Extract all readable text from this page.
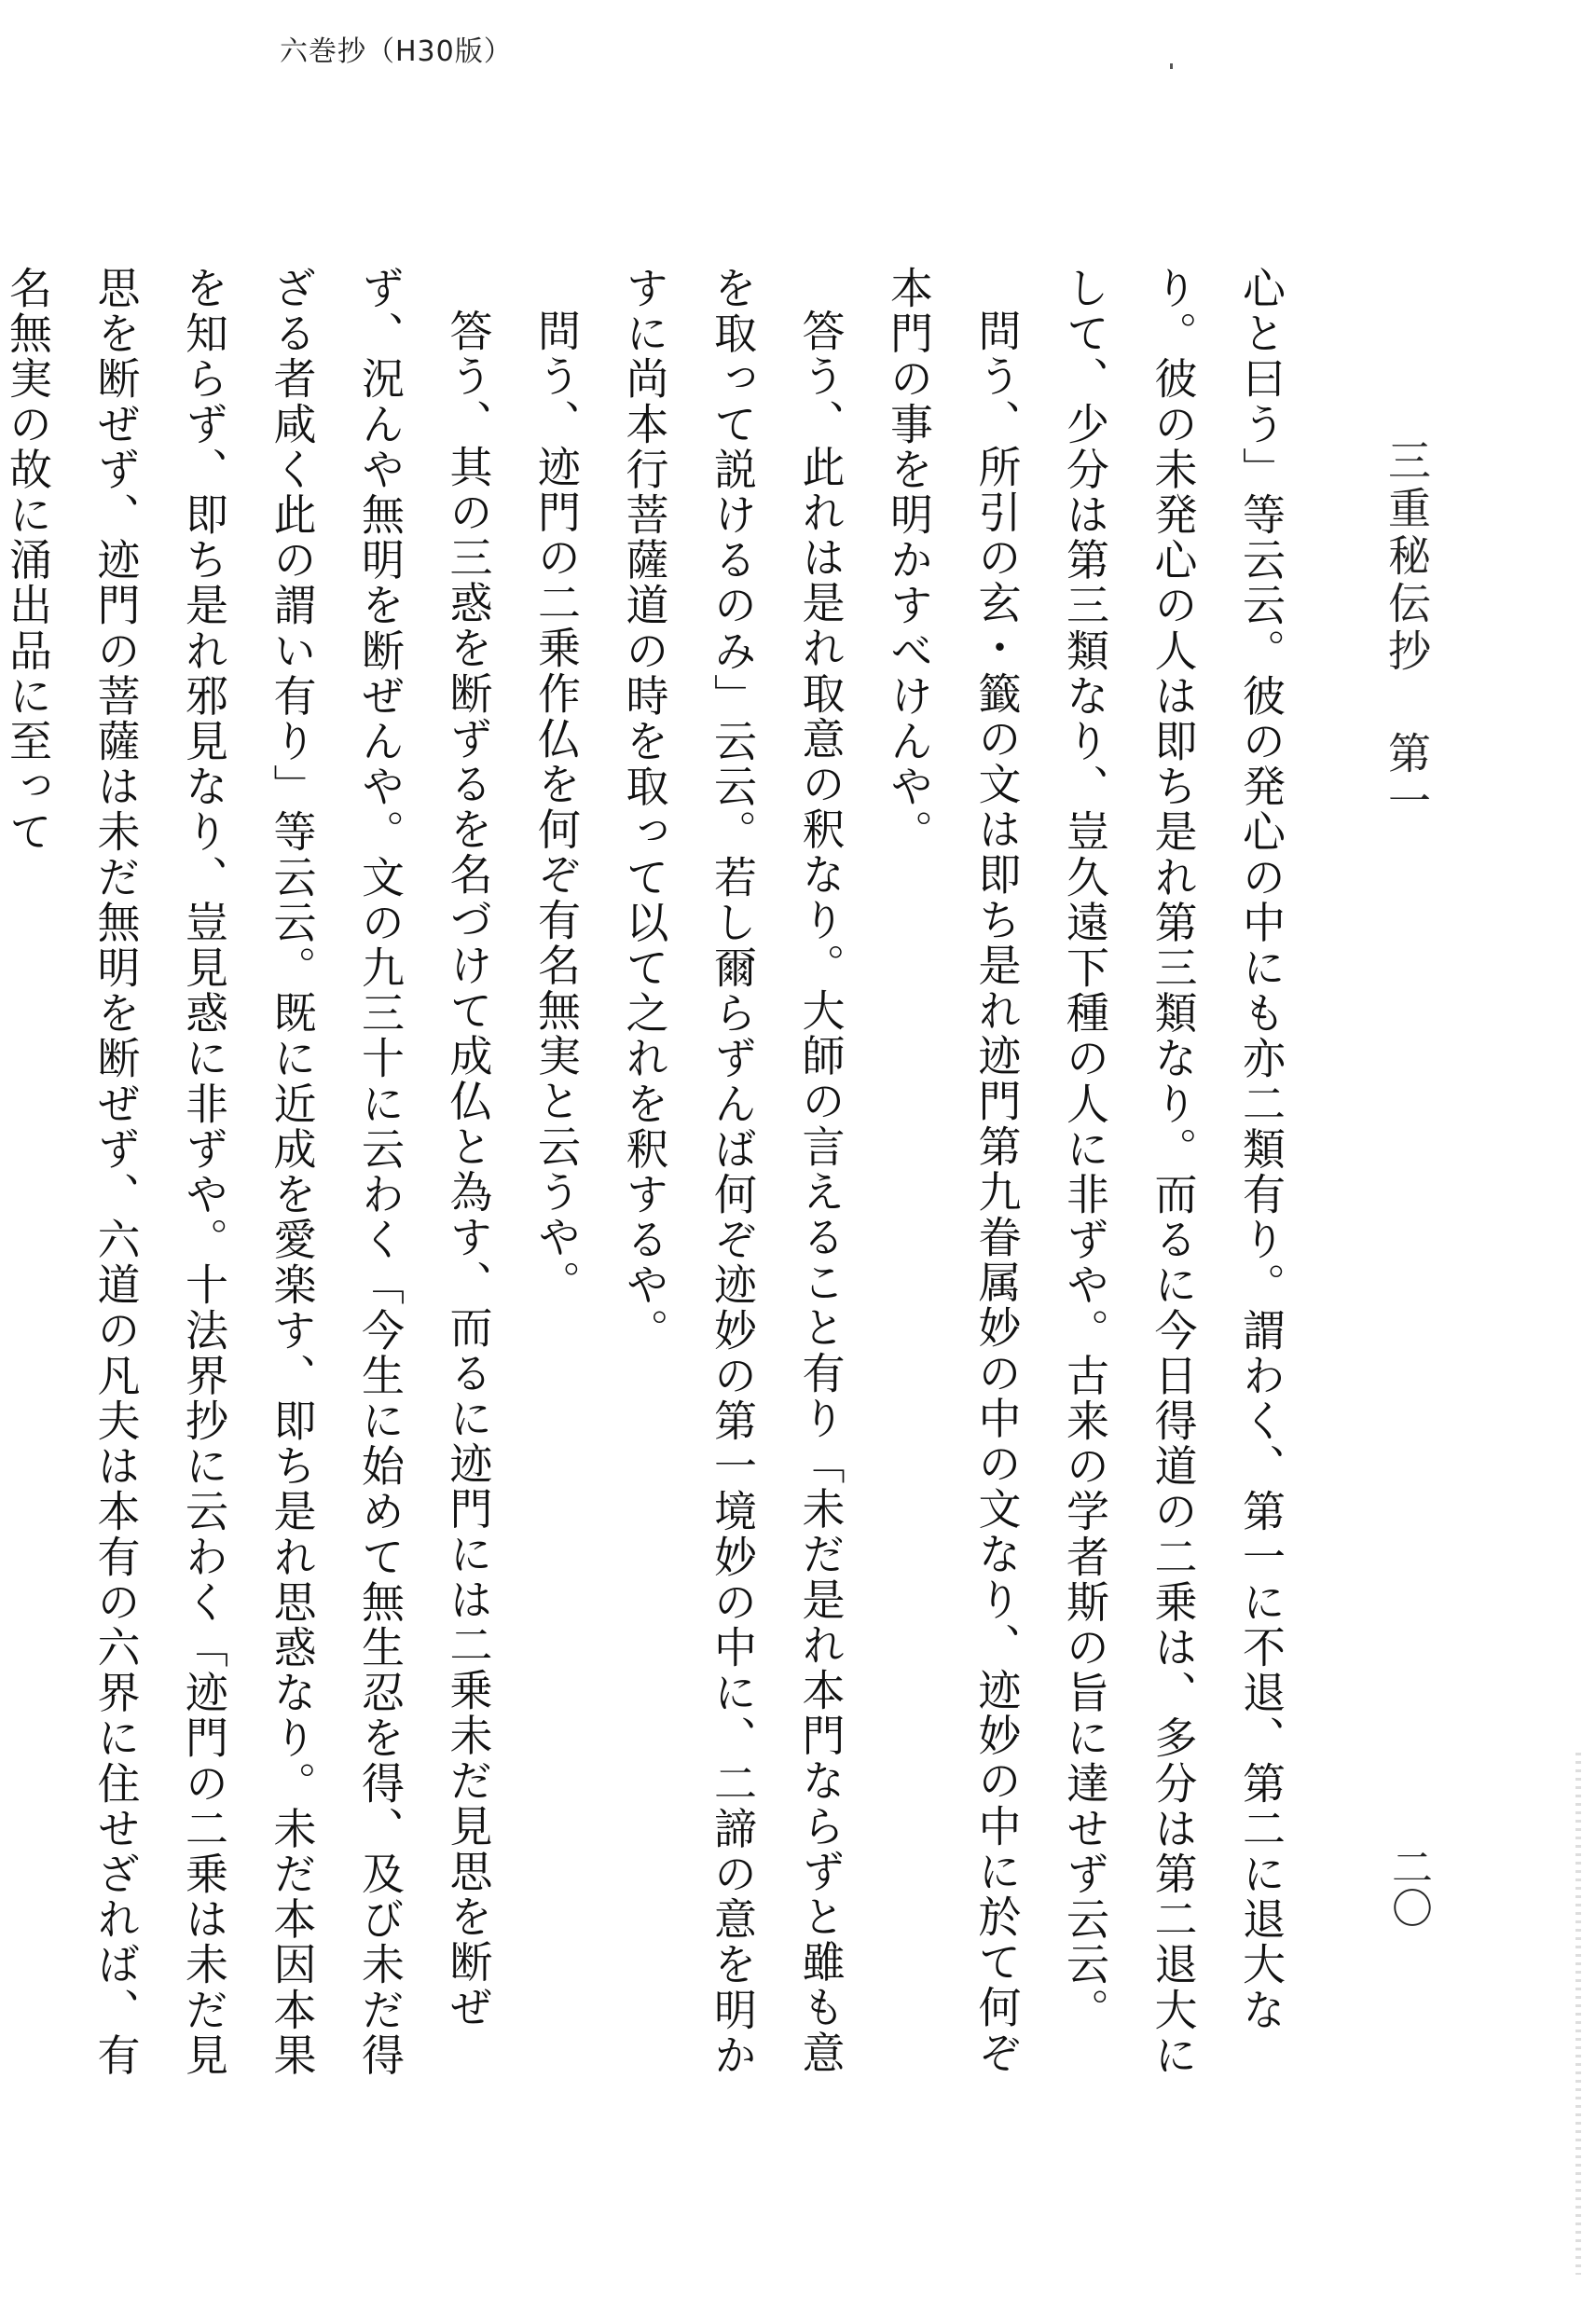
六巻抄（H30版）
三重秘伝抄 第一
二〇

心と曰う」等云云。彼の発心の中にも亦二類有り。謂わく、第一に不退、第二に退大なり。彼の未発心の人は即ち是れ第三類なり。而るに今日得道の二乗は、多分は第二退大にして、少分は第三類なり、豈久遠下種の人に非ずや。古来の学者斯の旨に達せず云云。

問う、所引の玄・籤の文は即ち是れ迹門第九眷属妙の中の文なり、迹妙の中に於て何ぞ本門の事を明かすべけんや。

答う、此れは是れ取意の釈なり。大師の言えること有り「未だ是れ本門ならずと雖も意を取って説けるのみ」云云。若し爾らずんば何ぞ迹妙の第一境妙の中に、二諦の意を明かすに尚本行菩薩道の時を取って以て之れを釈するや。

問う、迹門の二乗作仏を何ぞ有名無実と云うや。

答う、其の三惑を断ずるを名づけて成仏と為す、而るに迹門には二乗未だ見思を断ぜず、況んや無明を断ぜんや。文の九三十に云わく「今生に始めて無生忍を得、及び未だ得ざる者咸く此の謂い有り」等云云。既に近成を愛楽す、即ち是れ思惑なり。未だ本因本果を知らず、即ち是れ邪見なり、豈見惑に非ずや。十法界抄に云わく「迹門の二乗は未だ見思を断ぜず、迹門の菩薩は未だ無明を断ぜず、六道の凡夫は本有の六界に住せざれば、有名無実の故に涌出品に至って
